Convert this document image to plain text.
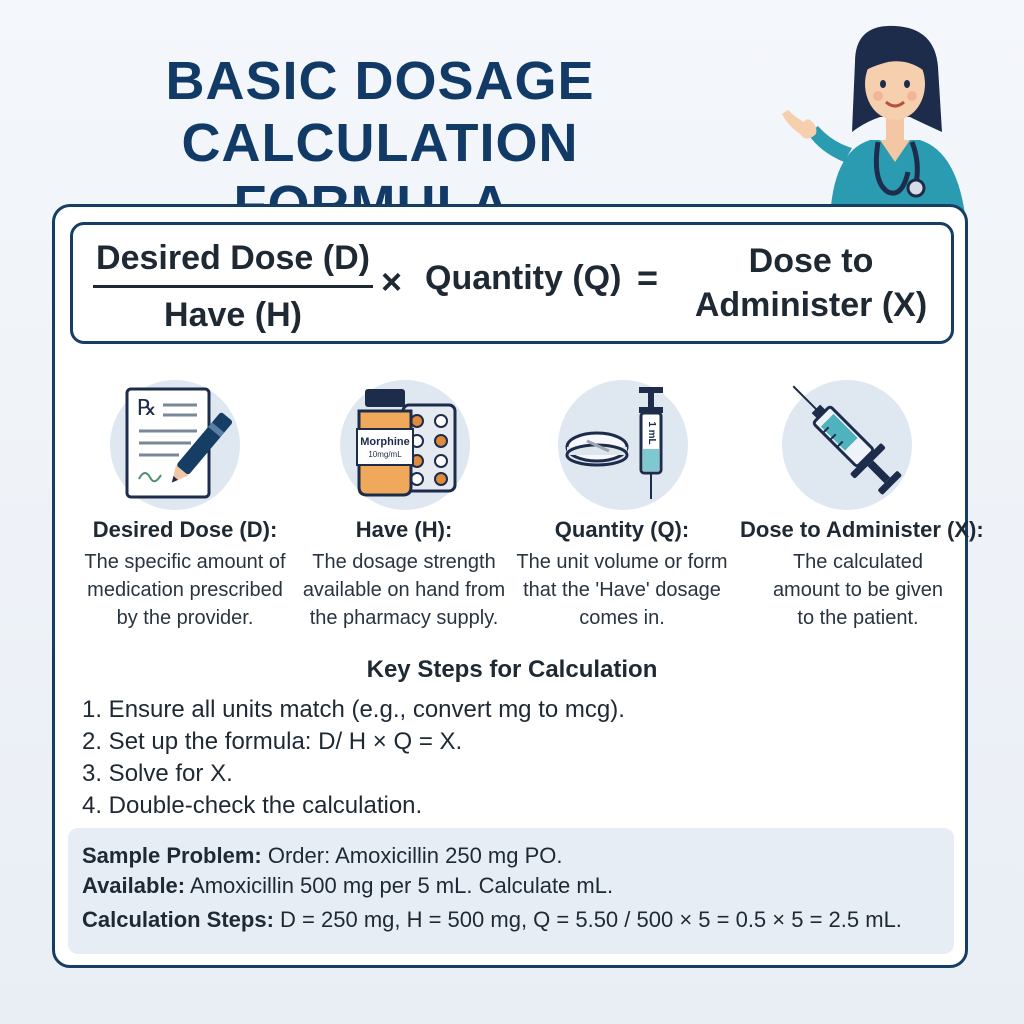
BASIC DOSAGE
CALCULATION
Desired Dose (D)
Have (H)
× Quantity (Q) =	Dose to
Administer (X)
℞
Morphine
10mg/mL
1 mL
Desired Dose (D):
The specific amount of medication prescribed by the provider.
Have (H):
The dosage strength available on hand from the pharmacy supply.
Quantity (Q):
The unit volume or form that the 'Have' dosage comes in.
Dose to Administer (X):
The calculated amount to be given to the patient.
Key Steps for Calculation
1. Ensure all units match (e.g., convert mg to mcg).
2. Set up the formula: D/ H × Q = X.
3. Solve for X.
4. Double-check the calculation.
Sample Problem: Order: Amoxicillin 250 mg PO.
Available: Amoxicillin 500 mg per 5 mL. Calculate mL.
Calculation Steps: D = 250 mg, H = 500 mg, Q = 5.50 / 500 × 5 = 0.5 × 5 = 2.5 mL.
